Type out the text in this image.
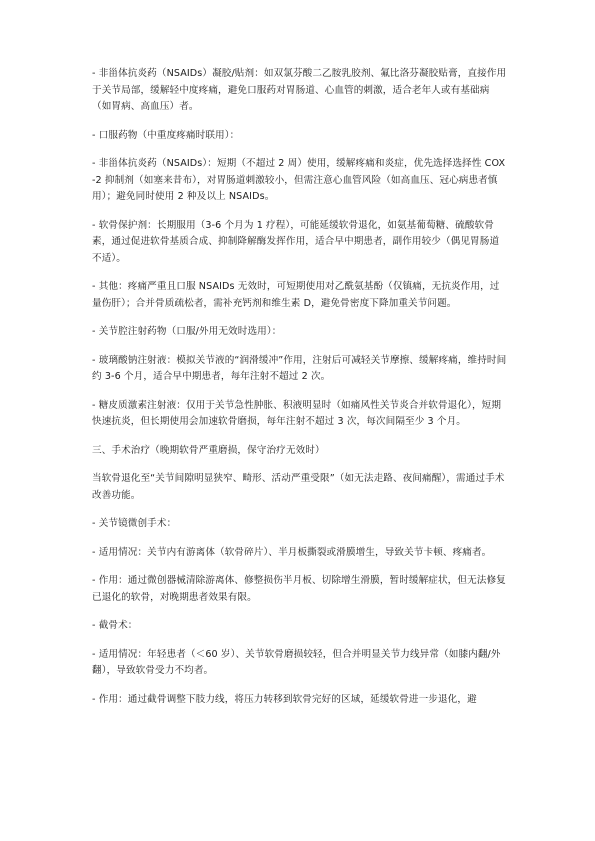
- 非甾体抗炎药（NSAIDs）凝胶/贴剂：如双氯芬酸二乙胺乳胶剂、氟比洛芬凝胶贴膏，直接作用于关节局部，缓解轻中度疼痛，避免口服药对胃肠道、心血管的刺激，适合老年人或有基础病（如胃病、高血压）者。

- 口服药物（中重度疼痛时联用）：

- 非甾体抗炎药（NSAIDs）：短期（不超过 2 周）使用，缓解疼痛和炎症，优先选择选择性 COX-2 抑制剂（如塞来昔布），对胃肠道刺激较小，但需注意心血管风险（如高血压、冠心病患者慎用）；避免同时使用 2 种及以上 NSAIDs。

- 软骨保护剂：长期服用（3-6 个月为 1 疗程），可能延缓软骨退化，如氨基葡萄糖、硫酸软骨素，通过促进软骨基质合成、抑制降解酶发挥作用，适合早中期患者，副作用较少（偶见胃肠道不适）。

- 其他：疼痛严重且口服 NSAIDs 无效时，可短期使用对乙酰氨基酚（仅镇痛，无抗炎作用，过量伤肝）；合并骨质疏松者，需补充钙剂和维生素 D，避免骨密度下降加重关节问题。

- 关节腔注射药物（口服/外用无效时选用）：

- 玻璃酸钠注射液：模拟关节液的“润滑缓冲”作用，注射后可减轻关节摩擦、缓解疼痛，维持时间约 3-6 个月，适合早中期患者，每年注射不超过 2 次。

- 糖皮质激素注射液：仅用于关节急性肿胀、积液明显时（如痛风性关节炎合并软骨退化），短期快速抗炎，但长期使用会加速软骨磨损，每年注射不超过 3 次，每次间隔至少 3 个月。

三、手术治疗（晚期软骨严重磨损，保守治疗无效时）

当软骨退化至“关节间隙明显狭窄、畸形、活动严重受限”（如无法走路、夜间痛醒），需通过手术改善功能。

- 关节镜微创手术：

- 适用情况：关节内有游离体（软骨碎片）、半月板撕裂或滑膜增生，导致关节卡顿、疼痛者。

- 作用：通过微创器械清除游离体、修整损伤半月板、切除增生滑膜，暂时缓解症状，但无法修复已退化的软骨，对晚期患者效果有限。

- 截骨术：

- 适用情况：年轻患者（＜60 岁）、关节软骨磨损较轻，但合并明显关节力线异常（如膝内翻/外翻），导致软骨受力不均者。

- 作用：通过截骨调整下肢力线，将压力转移到软骨完好的区域，延缓软骨进一步退化，避
